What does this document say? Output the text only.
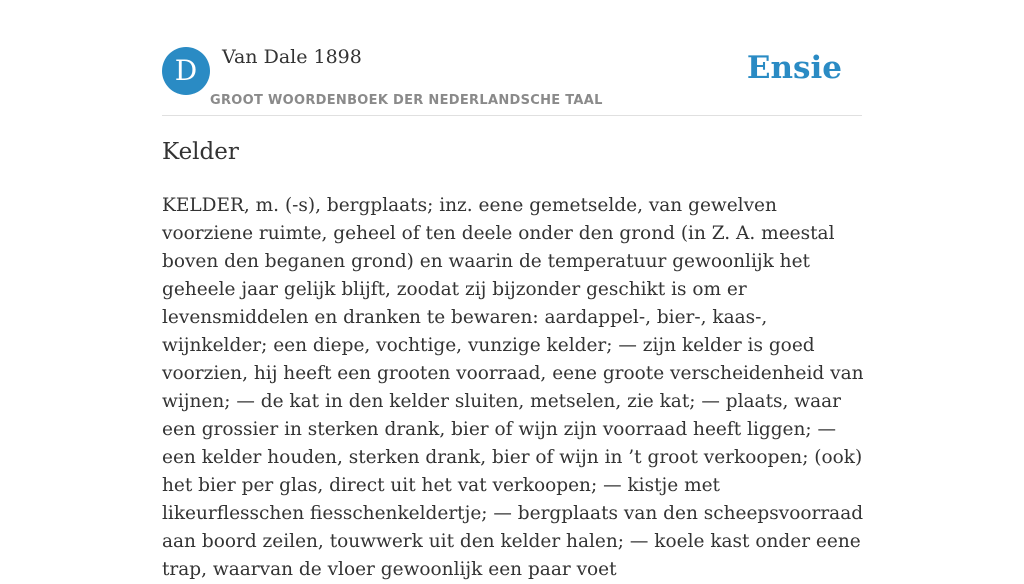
D	Van Dale 1898
GROOT WOORDENBOEK DER NEDERLANDSCHE TAAL
Ensie
Kelder

KELDER, m. (-s), bergplaats; inz. eene gemetselde, van gewelven voorziene ruimte, geheel of ten deele onder den grond (in Z. A. meestal boven den beganen grond) en waarin de temperatuur gewoonlijk het geheele jaar gelijk blijft, zoodat zij bijzonder geschikt is om er levensmiddelen en dranken te bewaren: aardappel-, bier-, kaas-, wijnkelder; een diepe, vochtige, vunzige kelder; — zijn kelder is goed voorzien, hij heeft een grooten voorraad, eene groote verscheidenheid van wijnen; — de kat in den kelder sluiten, metselen, zie kat; — plaats, waar een grossier in sterken drank, bier of wijn zijn voorraad heeft liggen; — een kelder houden, sterken drank, bier of wijn in ’t groot verkoopen; (ook) het bier per glas, direct uit het vat verkoopen; — kistje met likeurflesschen fiesschenkeldertje; — bergplaats van den scheepsvoorraad aan boord zeilen, touwwerk uit den kelder halen; — koele kast onder eene trap, waarvan de vloer gewoonlijk een paar voet
